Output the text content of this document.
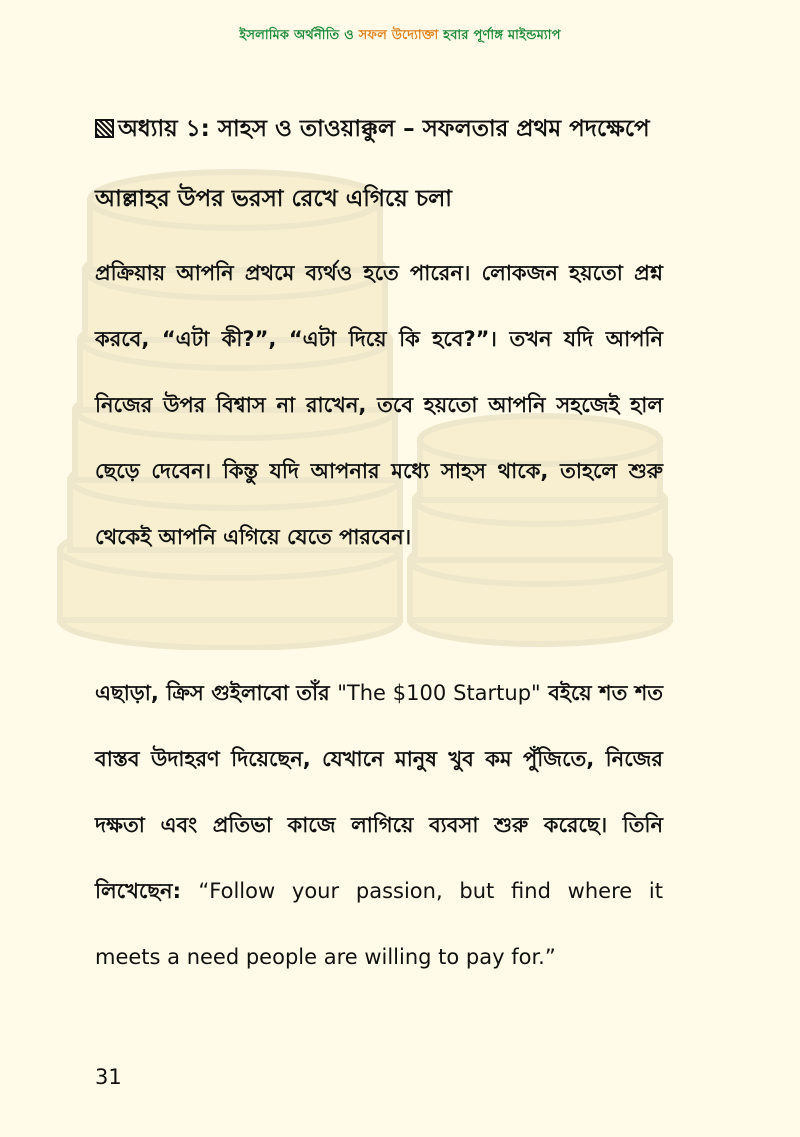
ইসলামিক অর্থনীতি ও সফল উদ্যোক্তা হবার পূর্ণাঙ্গ মাইন্ডম্যাপ

অধ্যায় ১: সাহস ও তাওয়াক্কুল – সফলতার প্রথম পদক্ষেপে আল্লাহর উপর ভরসা রেখে এগিয়ে চলা

প্রক্রিয়ায় আপনি প্রথমে ব্যর্থও হতে পারেন। লোকজন হয়তো প্রশ্ন করবে, “এটা কী?”, “এটা দিয়ে কি হবে?”। তখন যদি আপনি নিজের উপর বিশ্বাস না রাখেন, তবে হয়তো আপনি সহজেই হাল ছেড়ে দেবেন। কিন্তু যদি আপনার মধ্যে সাহস থাকে, তাহলে শুরু থেকেই আপনি এগিয়ে যেতে পারবেন।

এছাড়া, ক্রিস গুইলাবো তাঁর "The $100 Startup" বইয়ে শত শত বাস্তব উদাহরণ দিয়েছেন, যেখানে মানুষ খুব কম পুঁজিতে, নিজের দক্ষতা এবং প্রতিভা কাজে লাগিয়ে ব্যবসা শুরু করেছে। তিনি লিখেছেন: “Follow your passion, but find where it meets a need people are willing to pay for.”

31
